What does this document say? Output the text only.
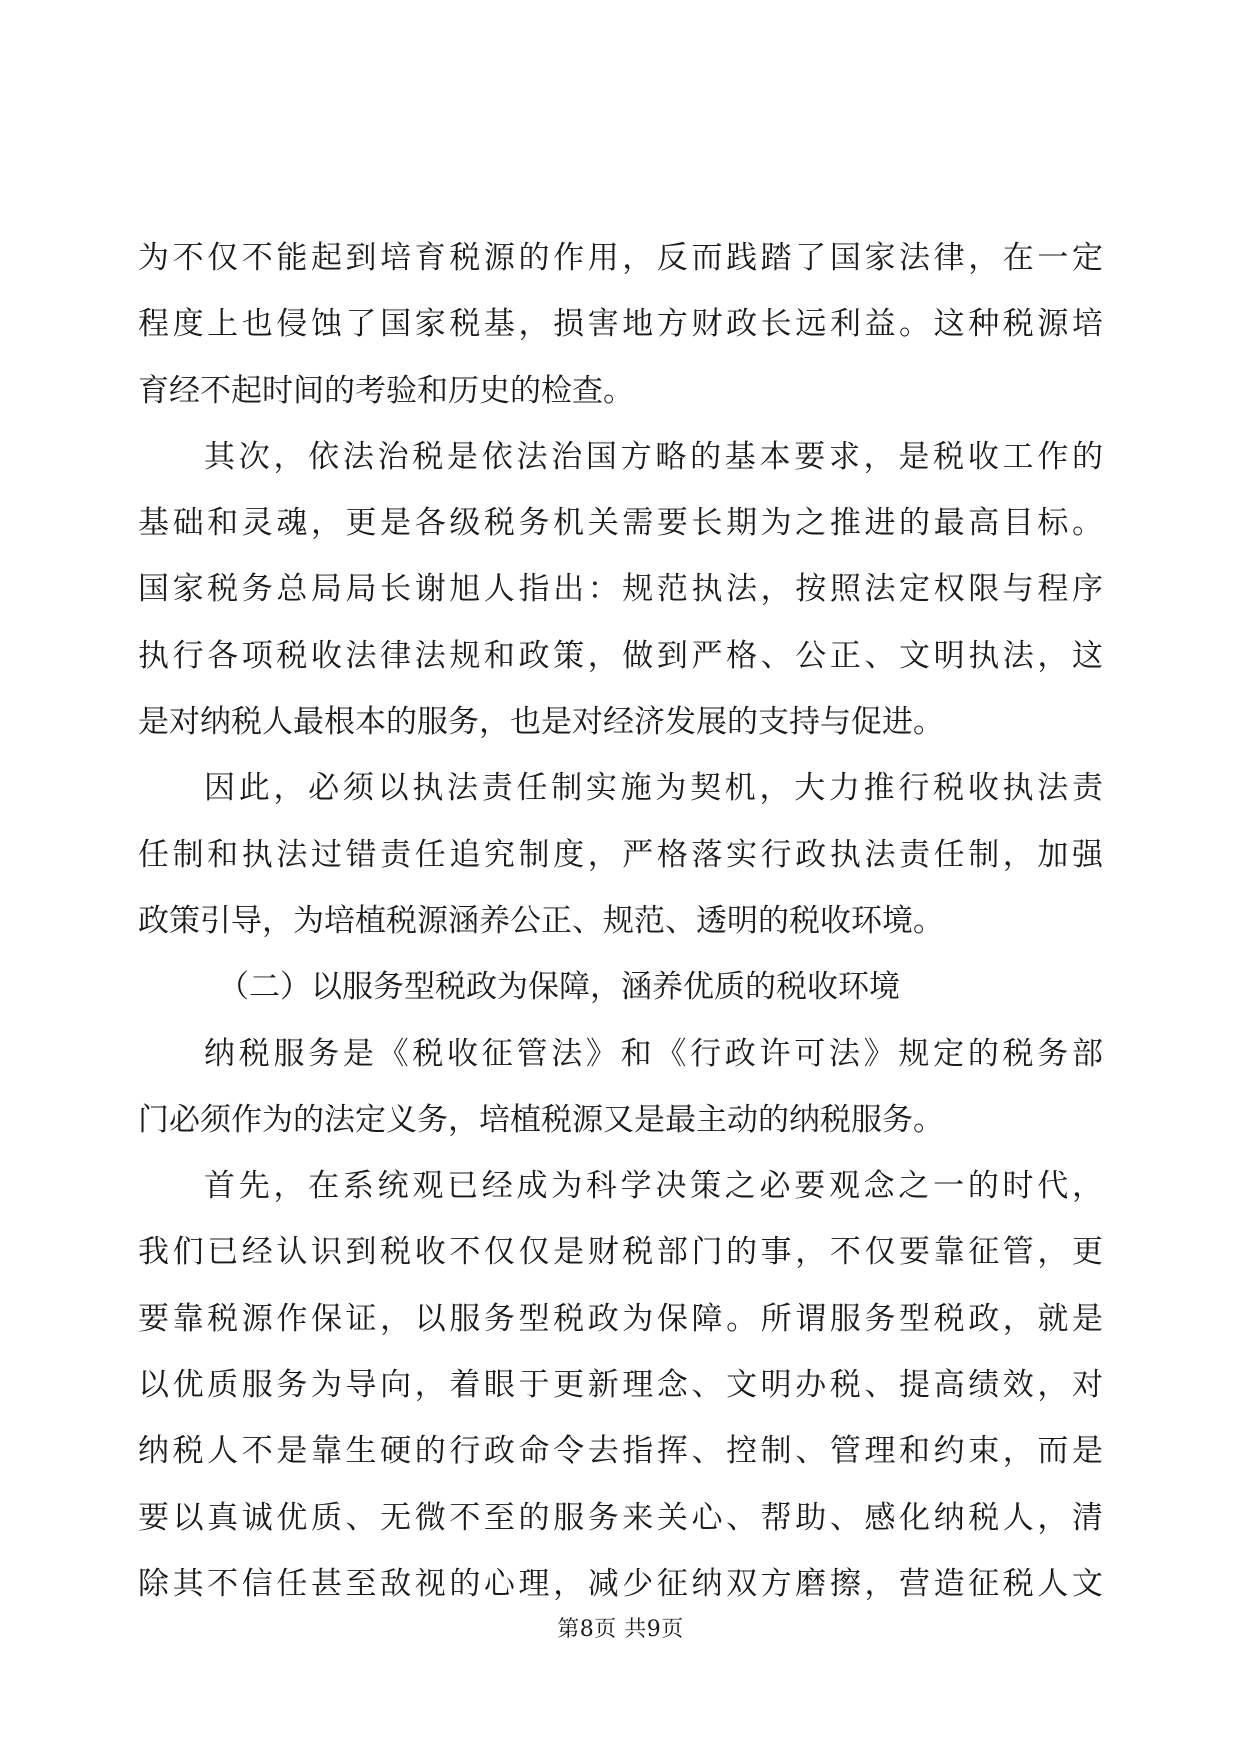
为不仅不能起到培育税源的作用，反而践踏了国家法律，在一定
程度上也侵蚀了国家税基，损害地方财政长远利益。这种税源培
育经不起时间的考验和历史的检查。
其次，依法治税是依法治国方略的基本要求，是税收工作的
基础和灵魂，更是各级税务机关需要长期为之推进的最高目标。
国家税务总局局长谢旭人指出：规范执法，按照法定权限与程序
执行各项税收法律法规和政策，做到严格、公正、文明执法，这
是对纳税人最根本的服务，也是对经济发展的支持与促进。
因此，必须以执法责任制实施为契机，大力推行税收执法责
任制和执法过错责任追究制度，严格落实行政执法责任制，加强
政策引导，为培植税源涵养公正、规范、透明的税收环境。
（二）以服务型税政为保障，涵养优质的税收环境
纳税服务是《税收征管法》和《行政许可法》规定的税务部
门必须作为的法定义务，培植税源又是最主动的纳税服务。
首先，在系统观已经成为科学决策之必要观念之一的时代，
我们已经认识到税收不仅仅是财税部门的事，不仅要靠征管，更
要靠税源作保证，以服务型税政为保障。所谓服务型税政，就是
以优质服务为导向，着眼于更新理念、文明办税、提高绩效，对
纳税人不是靠生硬的行政命令去指挥、控制、管理和约束，而是
要以真诚优质、无微不至的服务来关心、帮助、感化纳税人，清
除其不信任甚至敌视的心理，减少征纳双方磨擦，营造征税人文
第8页 共9页
